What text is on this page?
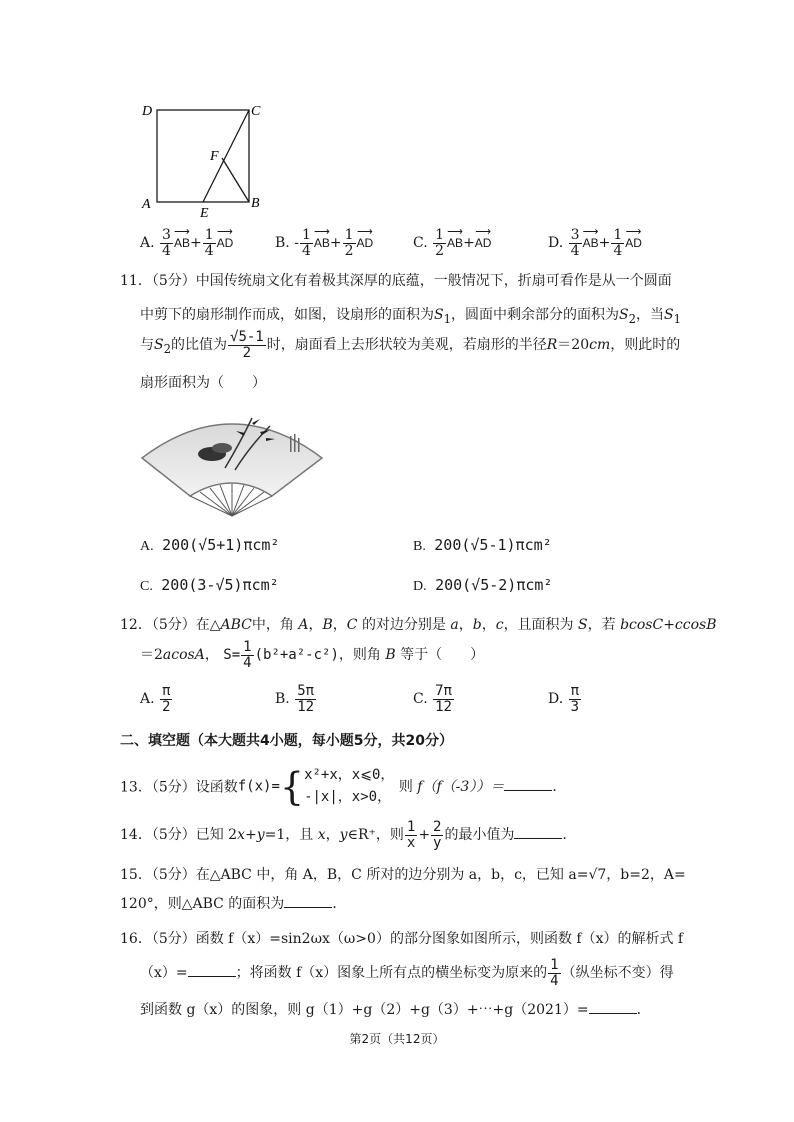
D	C
F
A
E
B
A. $\frac{3}{4}$ ⟶ $AB+ \frac{1}{4}$ ⟶ AD	B. - $\frac{1}{4}$ ⟶ $AB+ \frac{1}{2}$ ⟶ AD	C. $\frac{1}{2}$ ⟶ AB+⟶ AD	D. $\frac{3}{4}$ ⟶ $AB+ \frac{1}{4}$ ⟶ AD
11．（5分）中国传统扇文化有着极其深厚的底蕴，一般情况下，折扇可看作是从一个圆面
中剪下的扇形制作而成，如图，设扇形的面积为$S_1$，圆面中剩余部分的面积为$S_2$，当$S_1$
与$S_2$的比值为 $\frac{√5-1}{2}$ 时，扇面看上去形状较为美观，若扇形的半径R＝20cm，则此时的
扇形面积为（　　）
A. 200(√5+1)πcm²	B. 200(√5-1)πcm²
C. 200(3-√5)πcm²	D. 200(√5-2)πcm²
12．（5分）在△ABC中，角 A，B，C 的对边分别是 a，b，c，且面积为 S，若 bcosC+ccosB
＝2acosA， $S= \frac{1}{4} (b^2+a^2-c^2)$，则角 B 等于（　　）
A. $\frac{\pi}{2}$	B. $\frac{5\pi}{12}$	C. $\frac{7\pi}{12}$	D. $\frac{\pi}{3}$
二、填空题（本大题共4小题，每小题5分，共20分）
13．（5分）设函数f(x)={ x²+x，x⩽0，
-|x|，x>0，
则 f（f（-3））＝	．
14．（5分）已知 2x+y=1，且 x，y∈R⁺，则 $\frac{1}{x} + \frac{2}{y}$ 的最小值为	．
15．（5分）在△ABC 中，角 A，B，C 所对的边分别为 a，b，c，已知 a=√7，b=2，A=
120°，则△ABC 的面积为	．
16．（5分）函数 f（x）=sin2ωx（ω>0）的部分图象如图所示，则函数 f（x）的解析式 f
（x）=	；将函数 f（x）图象上所有点的横坐标变为原来的 $\frac{1}{4}$ （纵坐标不变）得
到函数 g（x）的图象，则 g（1）+g（2）+g（3）+⋯+g（2021）=	．
第2页（共12页）
